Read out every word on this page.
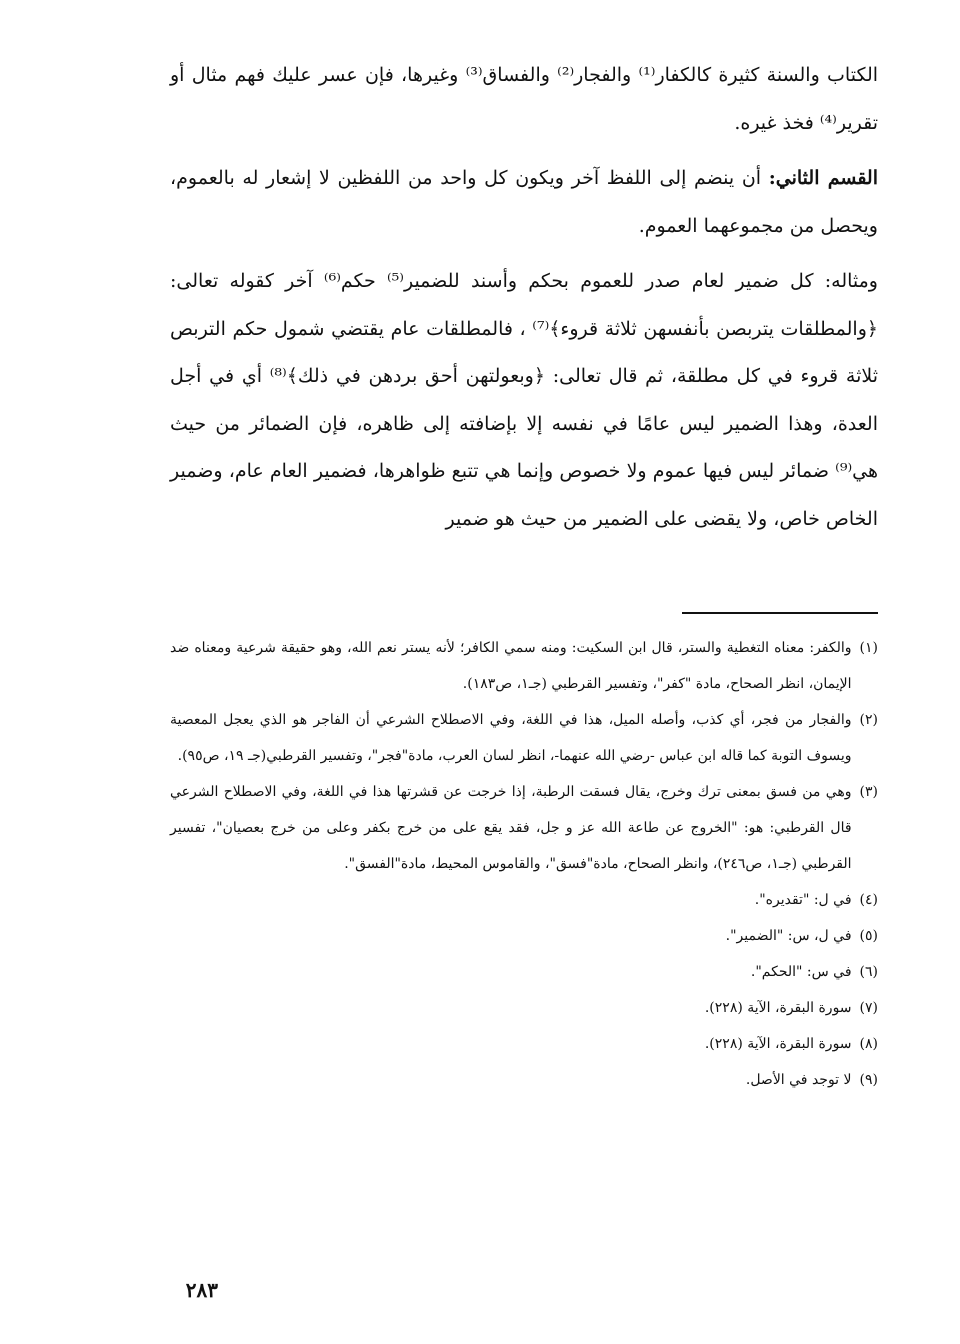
الكتاب والسنة كثيرة كالكفار⁽¹⁾ والفجار⁽²⁾ والفساق⁽³⁾ وغيرها، فإن عسر عليك فهم مثال أو تقرير⁽⁴⁾ فخذ غيره.

القسم الثاني: أن ينضم إلى اللفظ آخر ويكون كل واحد من اللفظين لا إشعار له بالعموم، ويحصل من مجموعهما العموم.

ومثاله: كل ضمير لعام صدر للعموم بحكم وأسند للضمير⁽⁵⁾ حكم⁽⁶⁾ آخر كقوله تعالى: ﴿والمطلقات يتربصن بأنفسهن ثلاثة قروء﴾⁽⁷⁾ ، فالمطلقات عام يقتضي شمول حكم التربص ثلاثة قروء في كل مطلقة، ثم قال تعالى: ﴿وبعولتهن أحق بردهن في ذلك﴾⁽⁸⁾ أي في أجل العدة، وهذا الضمير ليس عامًا في نفسه إلا بإضافته إلى ظاهره، فإن الضمائر من حيث هي⁽⁹⁾ ضمائر ليس فيها عموم ولا خصوص وإنما هي تتبع ظواهرها، فضمير العام عام، وضمير الخاص خاص، ولا يقضى على الضمير من حيث هو ضمير

(١)
والكفر: معناه التغطية والستر، قال ابن السكيت: ومنه سمي الكافر؛ لأنه يستر نعم الله، وهو حقيقة شرعية ومعناه ضد الإيمان، انظر الصحاح، مادة "كفر"، وتفسير القرطبي (جـ١، ص١٨٣).
(٢)
والفجار من فجر، أي كذب، وأصله الميل، هذا في اللغة، وفي الاصطلاح الشرعي أن الفاجر هو الذي يعجل المعصية ويسوف التوبة كما قاله ابن عباس -رضي الله عنهما-، انظر لسان العرب، مادة"فجر"، وتفسير القرطبي(جـ ١٩، ص٩٥).
(٣)
وهي من فسق بمعنى ترك وخرج، يقال فسقت الرطبة، إذا خرجت عن قشرتها هذا في اللغة، وفي الاصطلاح الشرعي قال القرطبي: هو: "الخروج عن طاعة الله عز و جل، فقد يقع على من خرج بكفر وعلى من خرج بعصيان"، تفسير القرطبي (جـ١، ص٢٤٦)، وانظر الصحاح، مادة"فسق"، والقاموس المحيط، مادة"الفسق".
(٤)
في ل: "تقديره".
(٥)
في ل، س: "الضمير".
(٦)
في س: "الحكم".
(٧)
سورة البقرة، الآية (٢٢٨).
(٨)
سورة البقرة، الآية (٢٢٨).
(٩)
لا توجد في الأصل.
٢٨٣
